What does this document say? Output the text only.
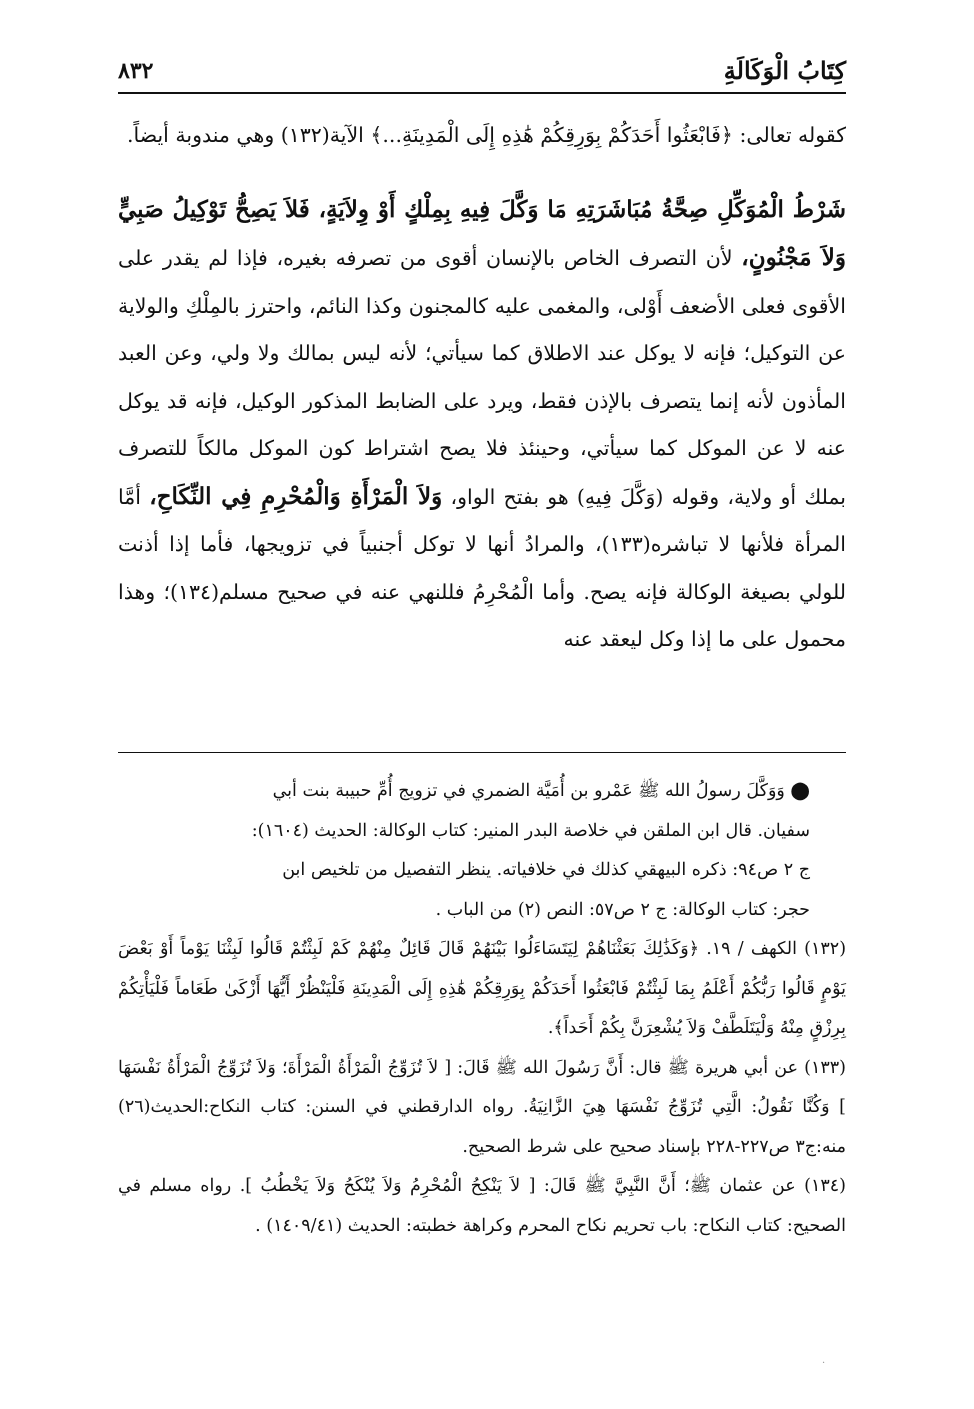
كِتَابُ الْوَكَالَةِ
٨٣٢

كقوله تعالى: ﴿فَابْعَثُوا أَحَدَكُمْ بِوَرِقِكُمْ هَٰذِهِ إِلَى الْمَدِينَةِ...﴾ الآية(١٣٢) وهي مندوبة أيضاً.

شَرْطُ الْمُوَكِّلِ صِحَّةُ مُبَاشَرَتِهِ مَا وَكَّلَ فِيهِ بِمِلْكٍ أَوْ وِلاَيَةٍ، فَلاَ يَصِحُّ تَوْكِيلُ صَبِيٍّ وَلاَ مَجْنُونٍ، لأن التصرف الخاص بالإنسان أقوى من تصرفه بغيره، فإذا لم يقدر على الأقوى فعلى الأضعف أَوْلى، والمغمى عليه كالمجنون وكذا النائم، واحترز بالمِلْكِ والولاية عن التوكيل؛ فإنه لا يوكل عند الاطلاق كما سيأتي؛ لأنه ليس بمالك ولا ولي، وعن العبد المأذون لأنه إنما يتصرف بالإذن فقط، ويرد على الضابط المذكور الوكيل، فإنه قد يوكل عنه لا عن الموكل كما سيأتي، وحينئذ فلا يصح اشتراط كون الموكل مالكاً للتصرف بملك أو ولاية، وقوله (وَكَّلَ فِيهِ) هو بفتح الواو، وَلاَ الْمَرْأَةِ وَالْمُحْرِمِ فِي النِّكَاحِ، أمَّا المرأة فلأنها لا تباشره(١٣٣)، والمرادُ أنها لا توكل أجنبياً في تزويجها، فأما إذا أذنت للولي بصيغة الوكالة فإنه يصح. وأما الْمُحْرِمُ فللنهي عنه في صحيح مسلم(١٣٤)؛ وهذا محمول على ما إذا وكل ليعقد عنه

⬤ وَوَكَّلَ رسولُ الله ﷺ عَمْرو بن أُمَيَّة الضمري في تزويج أُمِّ حبيبة بنت أبي

سفيان. قال ابن الملقن في خلاصة البدر المنير: كتاب الوكالة: الحديث (١٦٠٤):

ج ٢ ص٩٤: ذكره البيهقي كذلك في خلافياته. ينظر التفصيل من تلخيص ابن

حجر: كتاب الوكالة: ج ٢ ص٥٧: النص (٢) من الباب .

(١٣٢) الكهف / ١٩. ﴿وَكَذَٰلِكَ بَعَثْنَاهُمْ لِيَتَسَاءَلُوا بَيْنَهُمْ قَالَ قَائِلٌ مِنْهُمْ كَمْ لَبِثْتُمْ قَالُوا لَبِثْنَا يَوْماً أَوْ بَعْضَ يَوْمٍ قَالُوا رَبُّكُمْ أَعْلَمُ بِمَا لَبِثْتُمْ فَابْعَثُوا أَحَدَكُمْ بِوَرِقِكُمْ هَٰذِهِ إِلَى الْمَدِينَةِ فَلْيَنْظُرْ أَيُّهَا أَزْكَىٰ طَعَاماً فَلْيَأْتِكُمْ بِرِزْقٍ مِنْهُ وَلْيَتَلَطَّفْ وَلاَ يُشْعِرَنَّ بِكُمْ أَحَداً﴾.

(١٣٣) عن أبي هريرة ﷺ قال: أَنَّ رَسُولَ الله ﷺ قَالَ: [ لاَ تُزَوِّجُ الْمَرْأَةُ الْمَرْأَةَ؛ وَلاَ تُزَوِّجُ الْمَرْأَةُ نَفْسَهَا ] وَكُنَّا نَقُولُ: الَّتِي تُزَوِّجُ نَفْسَهَا هِيَ الزَّانِيَةُ. رواه الدارقطني في السنن: كتاب النكاح:الحديث(٢٦) منه:ج٣ ص٢٢٧-٢٢٨ بإسناد صحيح على شرط الصحيح.

(١٣٤) عن عثمان ﷺ؛ أَنَّ النَّبِيَّ ﷺ قَالَ: [ لاَ يَنْكِحُ الْمُحْرِمُ وَلاَ يُنْكَحُ وَلاَ يَخْطُبُ ]. رواه مسلم في الصحيح: كتاب النكاح: باب تحريم نكاح المحرم وكراهة خطبته: الحديث (١٤٠٩/٤١) .

·
